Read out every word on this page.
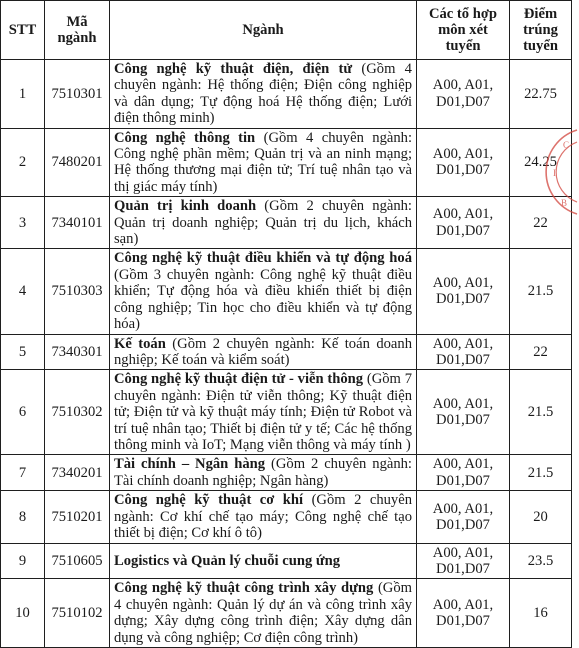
STT	Mã ngành	Ngành	Các tổ hợp môn xét tuyển	Điểm trúng tuyển
1	7510301	Công nghệ kỹ thuật điện, điện tử (Gồm 4 chuyên ngành: Hệ thống điện; Điện công nghiệp và dân dụng; Tự động hoá Hệ thống điện; Lưới điện thông minh)	A00, A01, D01,D07	22.75
2	7480201	Công nghệ thông tin (Gồm 4 chuyên ngành: Công nghệ phần mềm; Quản trị và an ninh mạng; Hệ thống thương mại điện tử; Trí tuệ nhân tạo và thị giác máy tính)	A00, A01, D01,D07	24.25
3	7340101	Quản trị kinh doanh (Gồm 2 chuyên ngành: Quản trị doanh nghiệp; Quản trị du lịch, khách sạn)	A00, A01, D01,D07	22
4	7510303	Công nghệ kỹ thuật điều khiển và tự động hoá (Gồm 3 chuyên ngành: Công nghệ kỹ thuật điều khiển; Tự động hóa và điều khiển thiết bị điện công nghiệp; Tin học cho điều khiển và tự động hóa)	A00, A01, D01,D07	21.5
5	7340301	Kế toán (Gồm 2 chuyên ngành: Kế toán doanh nghiệp; Kế toán và kiểm soát)	A00, A01, D01,D07	22
6	7510302	Công nghệ kỹ thuật điện tử - viễn thông (Gồm 7 chuyên ngành: Điện tử viễn thông; Kỹ thuật điện tử; Điện tử và kỹ thuật máy tính; Điện tử Robot và trí tuệ nhân tạo; Thiết bị điện tử y tế; Các hệ thống thông minh và IoT; Mạng viễn thông và máy tính )	A00, A01, D01,D07	21.5
7	7340201	Tài chính – Ngân hàng (Gồm 2 chuyên ngành: Tài chính doanh nghiệp; Ngân hàng)	A00, A01, D01,D07	21.5
8	7510201	Công nghệ kỹ thuật cơ khí (Gồm 2 chuyên ngành: Cơ khí chế tạo máy; Công nghệ chế tạo thiết bị điện; Cơ khí ô tô)	A00, A01, D01,D07	20
9	7510605	Logistics và Quản lý chuỗi cung ứng	A00, A01, D01,D07	23.5
10	7510102	Công nghệ kỹ thuật công trình xây dựng (Gồm 4 chuyên ngành: Quản lý dự án và công trình xây dựng; Xây dựng công trình điện; Xây dựng dân dụng và công nghiệp; Cơ điện công trình)	A00, A01, D01,D07	16
C
I
B
